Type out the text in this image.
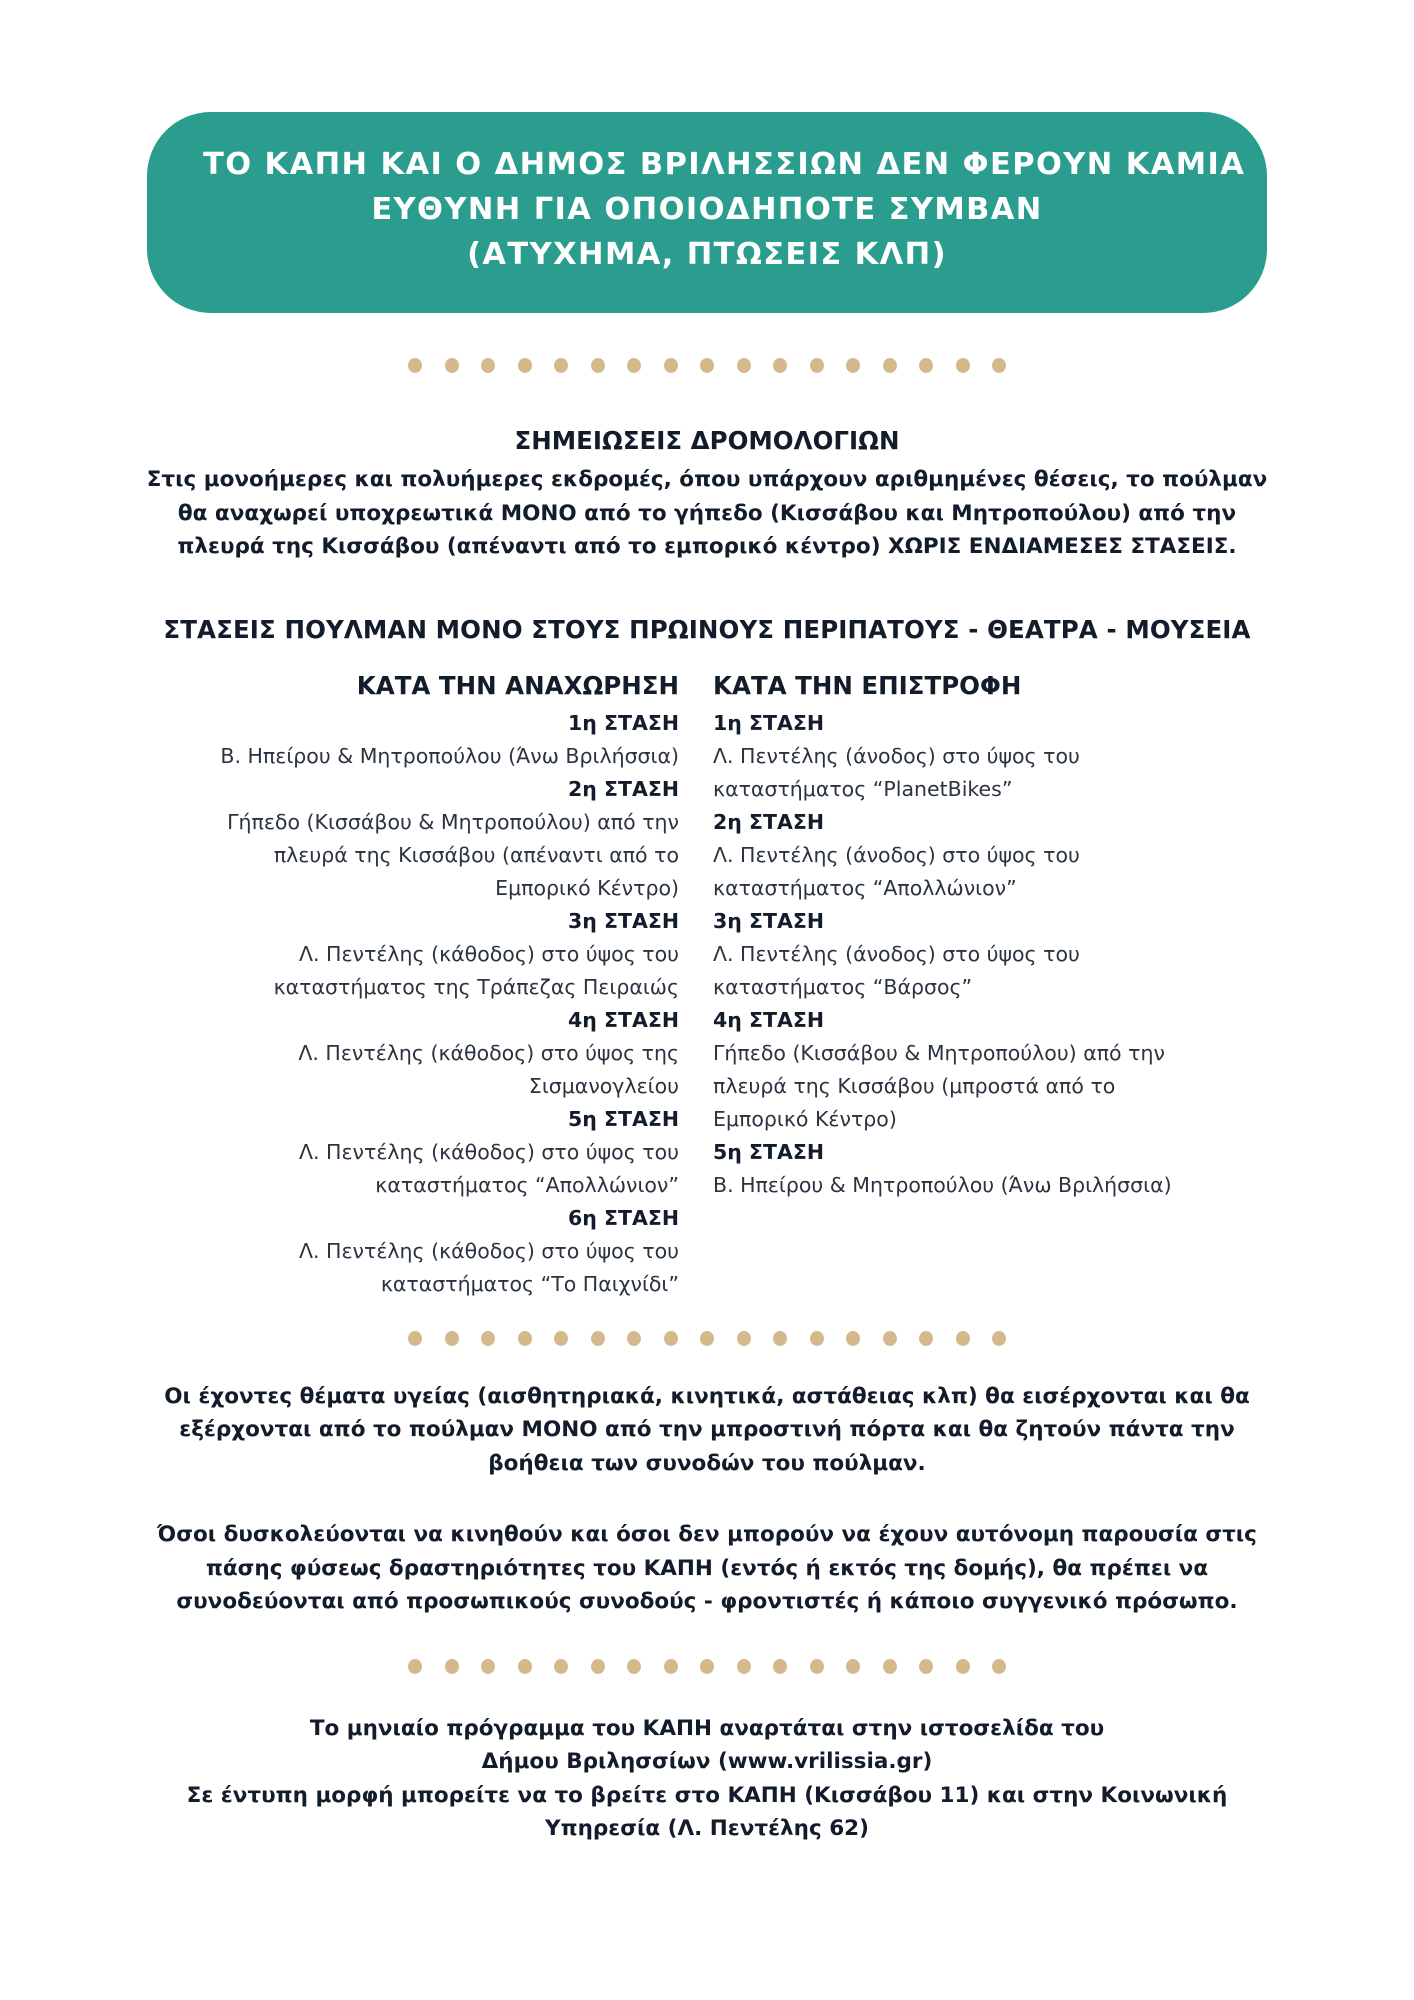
ΤΟ ΚΑΠΗ ΚΑΙ Ο ΔΗΜΟΣ ΒΡΙΛΗΣΣΙΩΝ ΔΕΝ ΦΕΡΟΥΝ ΚΑΜΙΑ
ΕΥΘΥΝΗ ΓΙΑ ΟΠΟΙΟΔΗΠΟΤΕ ΣΥΜΒΑΝ
(ΑΤΥΧΗΜΑ, ΠΤΩΣΕΙΣ ΚΛΠ)
ΣΗΜΕΙΩΣΕΙΣ ΔΡΟΜΟΛΟΓΙΩΝ
Στις μονοήμερες και πολυήμερες εκδρομές, όπου υπάρχουν αριθμημένες θέσεις, το πούλμαν θα αναχωρεί υποχρεωτικά ΜΟΝΟ από το γήπεδο (Κισσάβου και Μητροπούλου) από την πλευρά της Κισσάβου (απέναντι από το εμπορικό κέντρο) ΧΩΡΙΣ ΕΝΔΙΑΜΕΣΕΣ ΣΤΑΣΕΙΣ.
ΣΤΑΣΕΙΣ ΠΟΥΛΜΑΝ ΜΟΝΟ ΣΤΟΥΣ ΠΡΩΙΝΟΥΣ ΠΕΡΙΠΑΤΟΥΣ - ΘΕΑΤΡΑ - ΜΟΥΣΕΙΑ
ΚΑΤΑ ΤΗΝ ΑΝΑΧΩΡΗΣΗ
1η ΣΤΑΣΗ
Β. Ηπείρου & Μητροπούλου (Άνω Βριλήσσια)
2η ΣΤΑΣΗ
Γήπεδο (Κισσάβου & Μητροπούλου) από την πλευρά της Κισσάβου (απέναντι από το Εμπορικό Κέντρο)
3η ΣΤΑΣΗ
Λ. Πεντέλης (κάθοδος) στο ύψος του καταστήματος της Τράπεζας Πειραιώς
4η ΣΤΑΣΗ
Λ. Πεντέλης (κάθοδος) στο ύψος της Σισμανογλείου
5η ΣΤΑΣΗ
Λ. Πεντέλης (κάθοδος) στο ύψος του καταστήματος “Απολλώνιον”
6η ΣΤΑΣΗ
Λ. Πεντέλης (κάθοδος) στο ύψος του καταστήματος “Το Παιχνίδι”
ΚΑΤΑ ΤΗΝ ΕΠΙΣΤΡΟΦΗ
1η ΣΤΑΣΗ
Λ. Πεντέλης (άνοδος) στο ύψος του καταστήματος “PlanetBikes”
2η ΣΤΑΣΗ
Λ. Πεντέλης (άνοδος) στο ύψος του καταστήματος “Απολλώνιον”
3η ΣΤΑΣΗ
Λ. Πεντέλης (άνοδος) στο ύψος του καταστήματος “Βάρσος”
4η ΣΤΑΣΗ
Γήπεδο (Κισσάβου & Μητροπούλου) από την πλευρά της Κισσάβου (μπροστά από το Εμπορικό Κέντρο)
5η ΣΤΑΣΗ
Β. Ηπείρου & Μητροπούλου (Άνω Βριλήσσια)
Οι έχοντες θέματα υγείας (αισθητηριακά, κινητικά, αστάθειας κλπ) θα εισέρχονται και θα εξέρχονται από το πούλμαν ΜΟΝΟ από την μπροστινή πόρτα και θα ζητούν πάντα την βοήθεια των συνοδών του πούλμαν.
Όσοι δυσκολεύονται να κινηθούν και όσοι δεν μπορούν να έχουν αυτόνομη παρουσία στις πάσης φύσεως δραστηριότητες του ΚΑΠΗ (εντός ή εκτός της δομής), θα πρέπει να συνοδεύονται από προσωπικούς συνοδούς - φροντιστές ή κάποιο συγγενικό πρόσωπο.
Το μηνιαίο πρόγραμμα του ΚΑΠΗ αναρτάται στην ιστοσελίδα του
Δήμου Βριλησσίων (www.vrilissia.gr)
Σε έντυπη μορφή μπορείτε να το βρείτε στο ΚΑΠΗ (Κισσάβου 11) και στην Κοινωνική
Υπηρεσία (Λ. Πεντέλης 62)
